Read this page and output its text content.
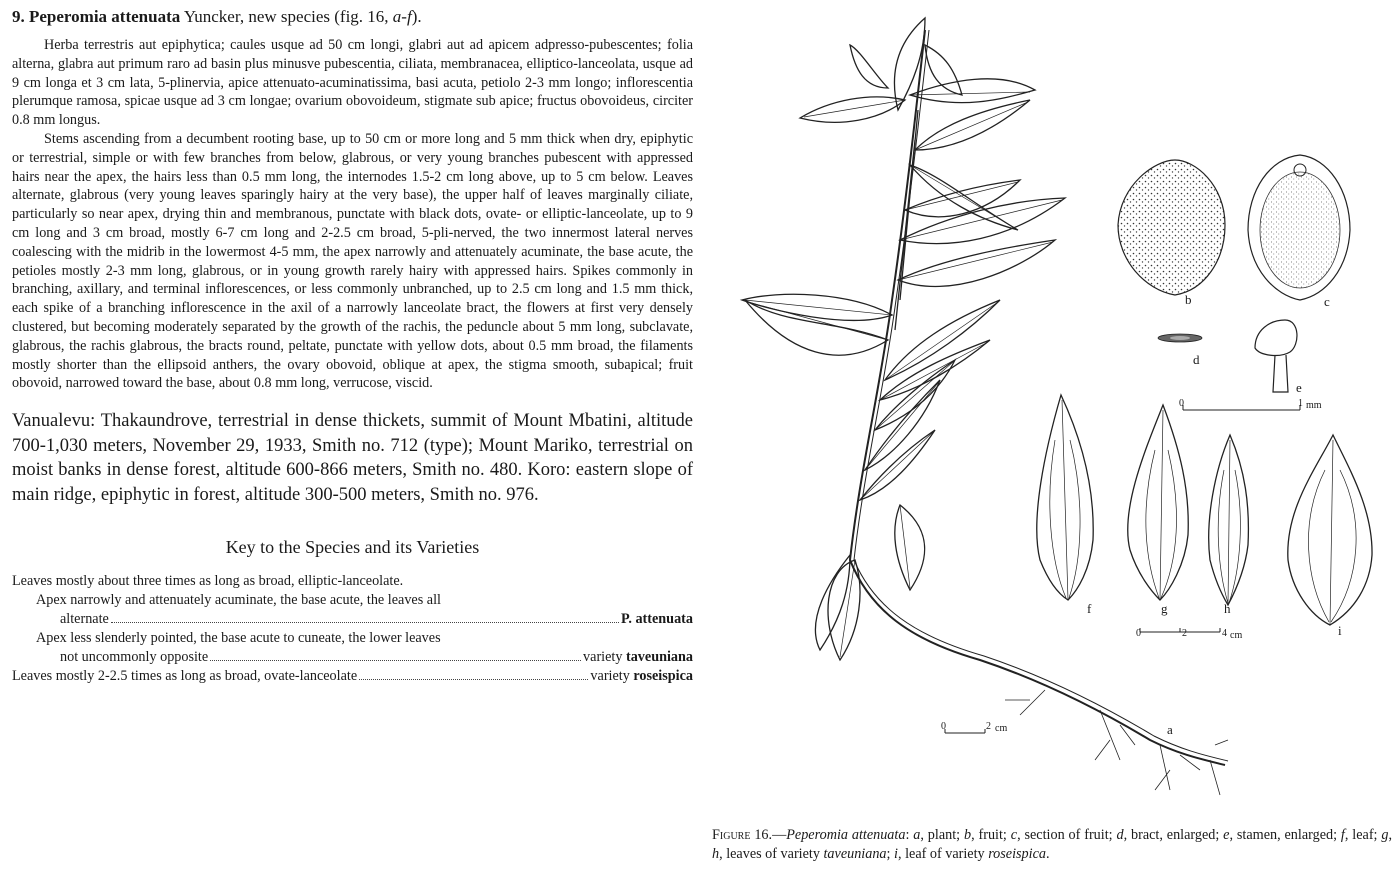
9. Peperomia attenuata Yuncker, new species (fig. 16, a-f).

Herba terrestris aut epiphytica; caules usque ad 50 cm longi, glabri aut ad apicem adpresso-pubescentes; folia alterna, glabra aut primum raro ad basin plus minusve pubescentia, ciliata, membranacea, elliptico-lanceolata, usque ad 9 cm longa et 3 cm lata, 5-plinervia, apice attenuato-acuminatissima, basi acuta, petiolo 2-3 mm longo; inflorescentia plerumque ramosa, spicae usque ad 3 cm longae; ovarium obovoideum, stigmate sub apice; fructus obovoideus, circiter 0.8 mm longus.

Stems ascending from a decumbent rooting base, up to 50 cm or more long and 5 mm thick when dry, epiphytic or terrestrial, simple or with few branches from below, glabrous, or very young branches pubescent with appressed hairs near the apex, the hairs less than 0.5 mm long, the internodes 1.5-2 cm long above, up to 5 cm below. Leaves alternate, glabrous (very young leaves sparingly hairy at the very base), the upper half of leaves marginally ciliate, particularly so near apex, drying thin and membranous, punctate with black dots, ovate- or elliptic-lanceolate, up to 9 cm long and 3 cm broad, mostly 6-7 cm long and 2-2.5 cm broad, 5-pli-nerved, the two innermost lateral nerves coalescing with the midrib in the lowermost 4-5 mm, the apex narrowly and attenuately acuminate, the base acute, the petioles mostly 2-3 mm long, glabrous, or in young growth rarely hairy with appressed hairs. Spikes commonly in branching, axillary, and terminal inflorescences, or less commonly unbranched, up to 2.5 cm long and 1.5 mm thick, each spike of a branching inflorescence in the axil of a narrowly lanceolate bract, the flowers at first very densely clustered, but becoming moderately separated by the growth of the rachis, the peduncle about 5 mm long, subclavate, glabrous, the rachis glabrous, the bracts round, peltate, punctate with yellow dots, about 0.5 mm broad, the filaments mostly shorter than the ellipsoid anthers, the ovary obovoid, oblique at apex, the stigma smooth, subapical; fruit obovoid, narrowed toward the base, about 0.8 mm long, verrucose, viscid.

Vanualevu: Thakaundrove, terrestrial in dense thickets, summit of Mount Mbatini, altitude 700-1,030 meters, November 29, 1933, Smith no. 712 (type); Mount Mariko, terrestrial on moist banks in dense forest, altitude 600-866 meters, Smith no. 480. Koro: eastern slope of main ridge, epiphytic in forest, altitude 300-500 meters, Smith no. 976.

Key to the Species and its Varieties
Leaves mostly about three times as long as broad, elliptic-lanceolate.
Apex narrowly and attenuately acuminate, the base acute, the leaves all
alternate	P. attenuata
Apex less slenderly pointed, the base acute to cuneate, the lower leaves
not uncommonly opposite	variety taveuniana
Leaves mostly 2-2.5 times as long as broad, ovate-lanceolate	variety roseispica
b	c
d
e
0	1 mm
f	g	h
i
0	2	4 cm
0	2 cm	a
Figure 16.—Peperomia attenuata: a, plant; b, fruit; c, section of fruit; d, bract, enlarged; e, stamen, enlarged; f, leaf; g, h, leaves of variety taveuniana; i, leaf of variety roseispica.
